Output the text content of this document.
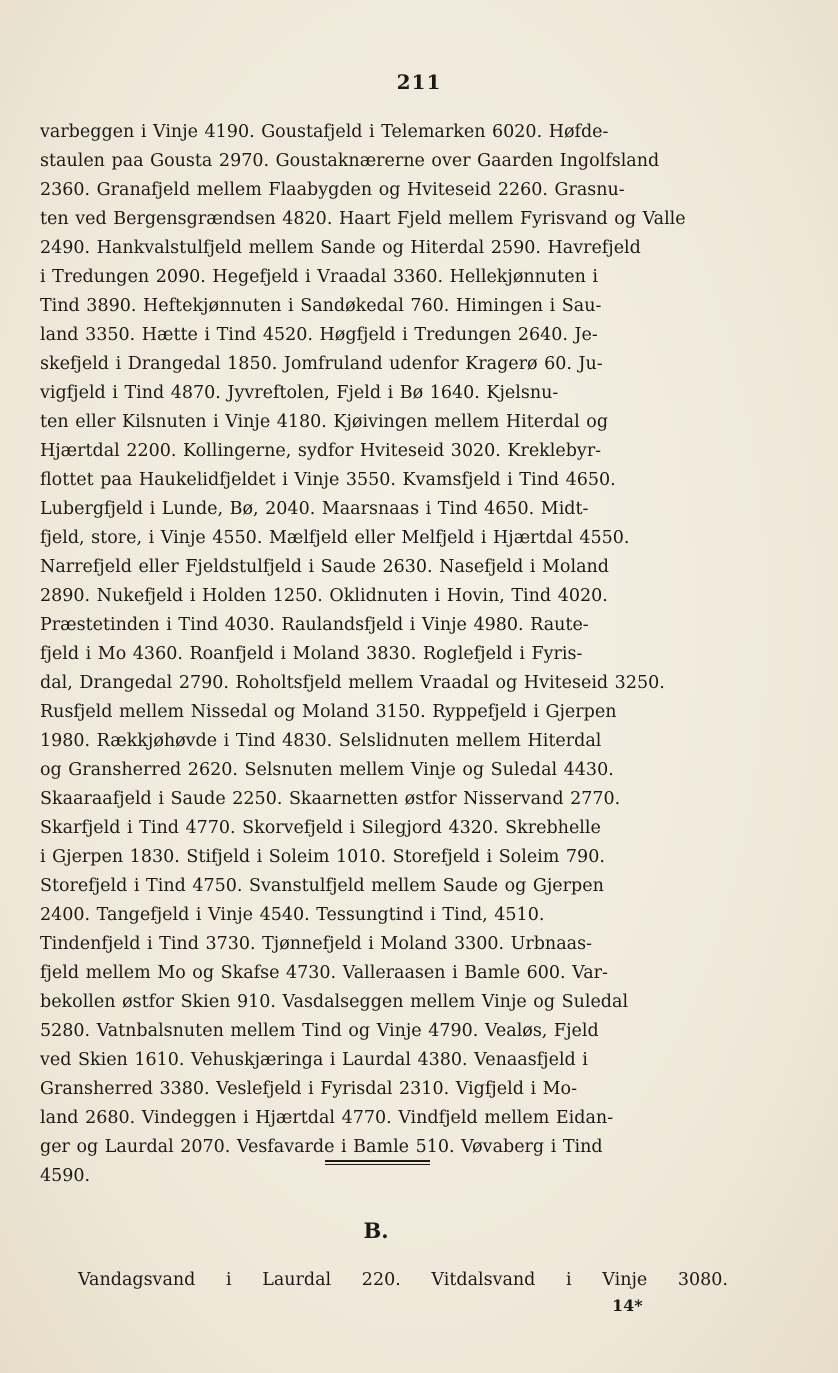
211

varbeggen i Vinje 4190. Goustafjeld i Telemarken 6020. Høfde-
staulen paa Gousta 2970. Goustaknærerne over Gaarden Ingolfsland
2360. Granafjeld mellem Flaabygden og Hviteseid 2260. Grasnu-
ten ved Bergensgrændsen 4820. Haart Fjeld mellem Fyrisvand og Valle
2490. Hankvalstulfjeld mellem Sande og Hiterdal 2590. Havrefjeld
i Tredungen 2090. Hegefjeld i Vraadal 3360. Hellekjønnuten i
Tind 3890. Heftekjønnuten i Sandøkedal 760. Himingen i Sau-
land 3350. Hætte i Tind 4520. Høgfjeld i Tredungen 2640. Je-
skefjeld i Drangedal 1850. Jomfruland udenfor Kragerø 60. Ju-
vigfjeld i Tind 4870. Jyvreftolen, Fjeld i Bø 1640. Kjelsnu-
ten eller Kilsnuten i Vinje 4180. Kjøivingen mellem Hiterdal og
Hjærtdal 2200. Kollingerne, sydfor Hviteseid 3020. Kreklebyr-
flottet paa Haukelidfjeldet i Vinje 3550. Kvamsfjeld i Tind 4650.
Lubergfjeld i Lunde, Bø, 2040. Maarsnaas i Tind 4650. Midt-
fjeld, store, i Vinje 4550. Mælfjeld eller Melfjeld i Hjærtdal 4550.
Narrefjeld eller Fjeldstulfjeld i Saude 2630. Nasefjeld i Moland
2890. Nukefjeld i Holden 1250. Oklidnuten i Hovin, Tind 4020.
Præstetinden i Tind 4030. Raulandsfjeld i Vinje 4980. Raute-
fjeld i Mo 4360. Roanfjeld i Moland 3830. Roglefjeld i Fyris-
dal, Drangedal 2790. Roholtsfjeld mellem Vraadal og Hviteseid 3250.
Rusfjeld mellem Nissedal og Moland 3150. Ryppefjeld i Gjerpen
1980. Rækkjøhøvde i Tind 4830. Selslidnuten mellem Hiterdal
og Gransherred 2620. Selsnuten mellem Vinje og Suledal 4430.
Skaaraafjeld i Saude 2250. Skaarnetten østfor Nisservand 2770.
Skarfjeld i Tind 4770. Skorvefjeld i Silegjord 4320. Skrebhelle
i Gjerpen 1830. Stifjeld i Soleim 1010. Storefjeld i Soleim 790.
Storefjeld i Tind 4750. Svanstulfjeld mellem Saude og Gjerpen
2400. Tangefjeld i Vinje 4540. Tessungtind i Tind, 4510.
Tindenfjeld i Tind 3730. Tjønnefjeld i Moland 3300. Urbnaas-
fjeld mellem Mo og Skafse 4730. Valleraasen i Bamle 600. Var-
bekollen østfor Skien 910. Vasdalseggen mellem Vinje og Suledal
5280. Vatnbalsnuten mellem Tind og Vinje 4790. Vealøs, Fjeld
ved Skien 1610. Vehuskjæringa i Laurdal 4380. Venaasfjeld i
Gransherred 3380. Veslefjeld i Fyrisdal 2310. Vigfjeld i Mo-
land 2680. Vindeggen i Hjærtdal 4770. Vindfjeld mellem Eidan-
ger og Laurdal 2070. Vesfavarde i Bamle 510. Vøvaberg i Tind
4590.

B.
Vandagsvand i Laurdal 220. Vitdalsvand i Vinje 3080.
14*
